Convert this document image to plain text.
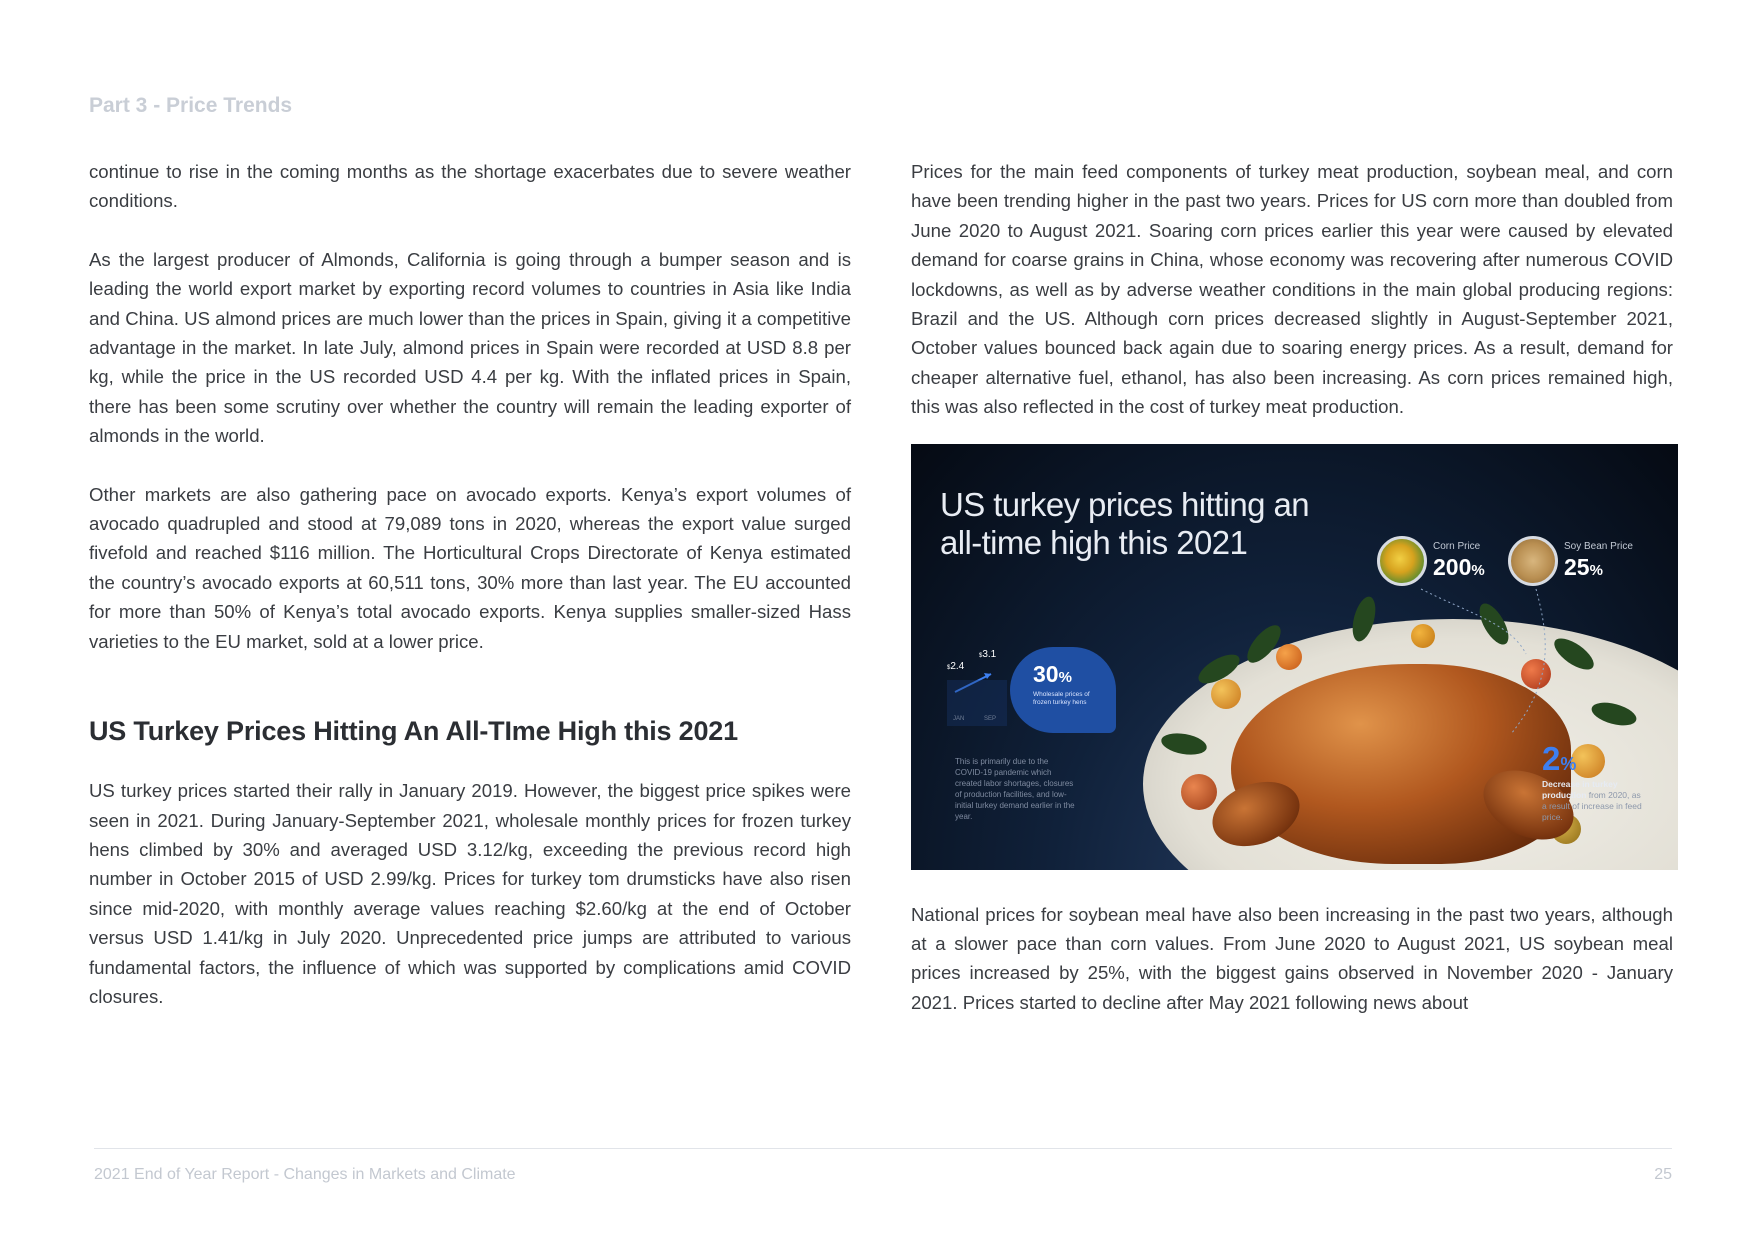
Part 3 - Price Trends

continue to rise in the coming months as the shortage exacerbates due to severe weather conditions.

As the largest producer of Almonds, California is going through a bumper season and is leading the world export market by exporting record volumes to countries in Asia like India and China. US almond prices are much lower than the prices in Spain, giving it a competitive advantage in the market. In late July, almond prices in Spain were recorded at USD 8.8 per kg, while the price in the US recorded USD 4.4 per kg. With the inflated prices in Spain, there has been some scrutiny over whether the country will remain the leading exporter of almonds in the world.

Other markets are also gathering pace on avocado exports. Kenya’s export volumes of avocado quadrupled and stood at 79,089 tons in 2020, whereas the export value surged fivefold and reached $116 million. The Horticultural Crops Directorate of Kenya estimated the country’s avocado exports at 60,511 tons, 30% more than last year. The EU accounted for more than 50% of Kenya’s total avocado exports. Kenya supplies smaller-sized Hass varieties to the EU market, sold at a lower price.

US Turkey Prices Hitting An All-TIme High this 2021

US turkey prices started their rally in January 2019. However, the biggest price spikes were seen in 2021. During January-September 2021, wholesale monthly prices for frozen turkey hens climbed by 30% and averaged USD 3.12/kg, exceeding the previous record high number in October 2015 of USD 2.99/kg. Prices for turkey tom drumsticks have also risen since mid-2020, with monthly average values reaching $2.60/kg at the end of October versus USD 1.41/kg in July 2020. Unprecedented price jumps are attributed to various fundamental factors, the influence of which was supported by complications amid COVID closures.

Prices for the main feed components of turkey meat production, soybean meal, and corn have been trending higher in the past two years. Prices for US corn more than doubled from June 2020 to August 2021. Soaring corn prices earlier this year were caused by elevated demand for coarse grains in China, whose economy was recovering after numerous COVID lockdowns, as well as by adverse weather conditions in the main global producing regions: Brazil and the US. Although corn prices decreased slightly in August-September 2021, October values bounced back again due to soaring energy prices. As a result, demand for cheaper alternative fuel, ethanol, has also been increasing. As corn prices remained high, this was also reflected in the cost of turkey meat production.

US turkey prices hitting an all-time high this 2021	Corn Price
200%
Soy Bean Price
25%
$2.4
$3.1
JAN	SEP
30%
Wholesale prices of frozen turkey hens
This is primarily due to the COVID-19 pandemic which created labor shortages, closures of production facilities, and low-initial turkey demand earlier in the year.
2%
Decrease in turkey production from 2020, as a result of increase in feed price.

National prices for soybean meal have also been increasing in the past two years, although at a slower pace than corn values. From June 2020 to August 2021, US soybean meal prices increased by 25%, with the biggest gains observed in November 2020 - January 2021. Prices started to decline after May 2021 following news about

2021 End of Year Report - Changes in Markets and Climate	25
